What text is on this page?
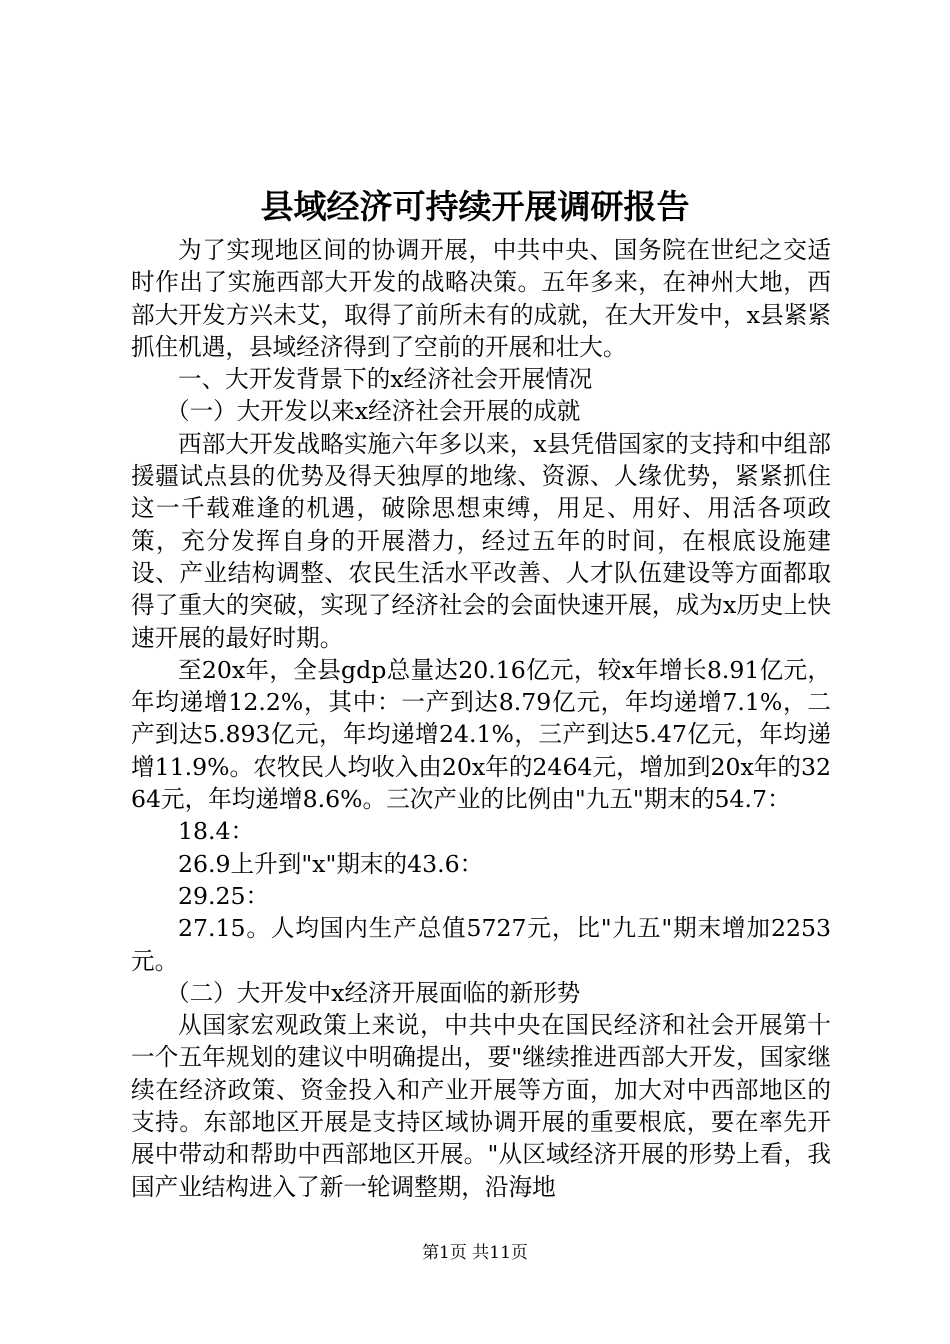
县域经济可持续开展调研报告

为了实现地区间的协调开展，中共中央、国务院在世纪之交适时作出了实施西部大开发的战略决策。五年多来，在神州大地，西部大开发方兴未艾，取得了前所未有的成就，在大开发中，x县紧紧抓住机遇，县域经济得到了空前的开展和壮大。

一、大开发背景下的x经济社会开展情况

（一）大开发以来x经济社会开展的成就

西部大开发战略实施六年多以来，x县凭借国家的支持和中组部援疆试点县的优势及得天独厚的地缘、资源、人缘优势，紧紧抓住这一千载难逢的机遇，破除思想束缚，用足、用好、用活各项政策，充分发挥自身的开展潜力，经过五年的时间，在根底设施建设、产业结构调整、农民生活水平改善、人才队伍建设等方面都取得了重大的突破，实现了经济社会的会面快速开展，成为x历史上快速开展的最好时期。

至20x年，全县gdp总量达20.16亿元，较x年增长8.91亿元，年均递增12.2%，其中：一产到达8.79亿元，年均递增7.1%，二产到达5.893亿元，年均递增24.1%，三产到达5.47亿元，年均递增11.9%。农牧民人均收入由20x年的2464元，增加到20x年的3264元，年均递增8.6%。三次产业的比例由"九五"期末的54.7：

18.4：

26.9上升到"x"期末的43.6：

29.25：

27.15。人均国内生产总值5727元，比"九五"期末增加2253元。

（二）大开发中x经济开展面临的新形势

从国家宏观政策上来说，中共中央在国民经济和社会开展第十一个五年规划的建议中明确提出，要"继续推进西部大开发，国家继续在经济政策、资金投入和产业开展等方面，加大对中西部地区的支持。东部地区开展是支持区域协调开展的重要根底，要在率先开展中带动和帮助中西部地区开展。"从区域经济开展的形势上看，我国产业结构进入了新一轮调整期，沿海地

第1页 共11页
